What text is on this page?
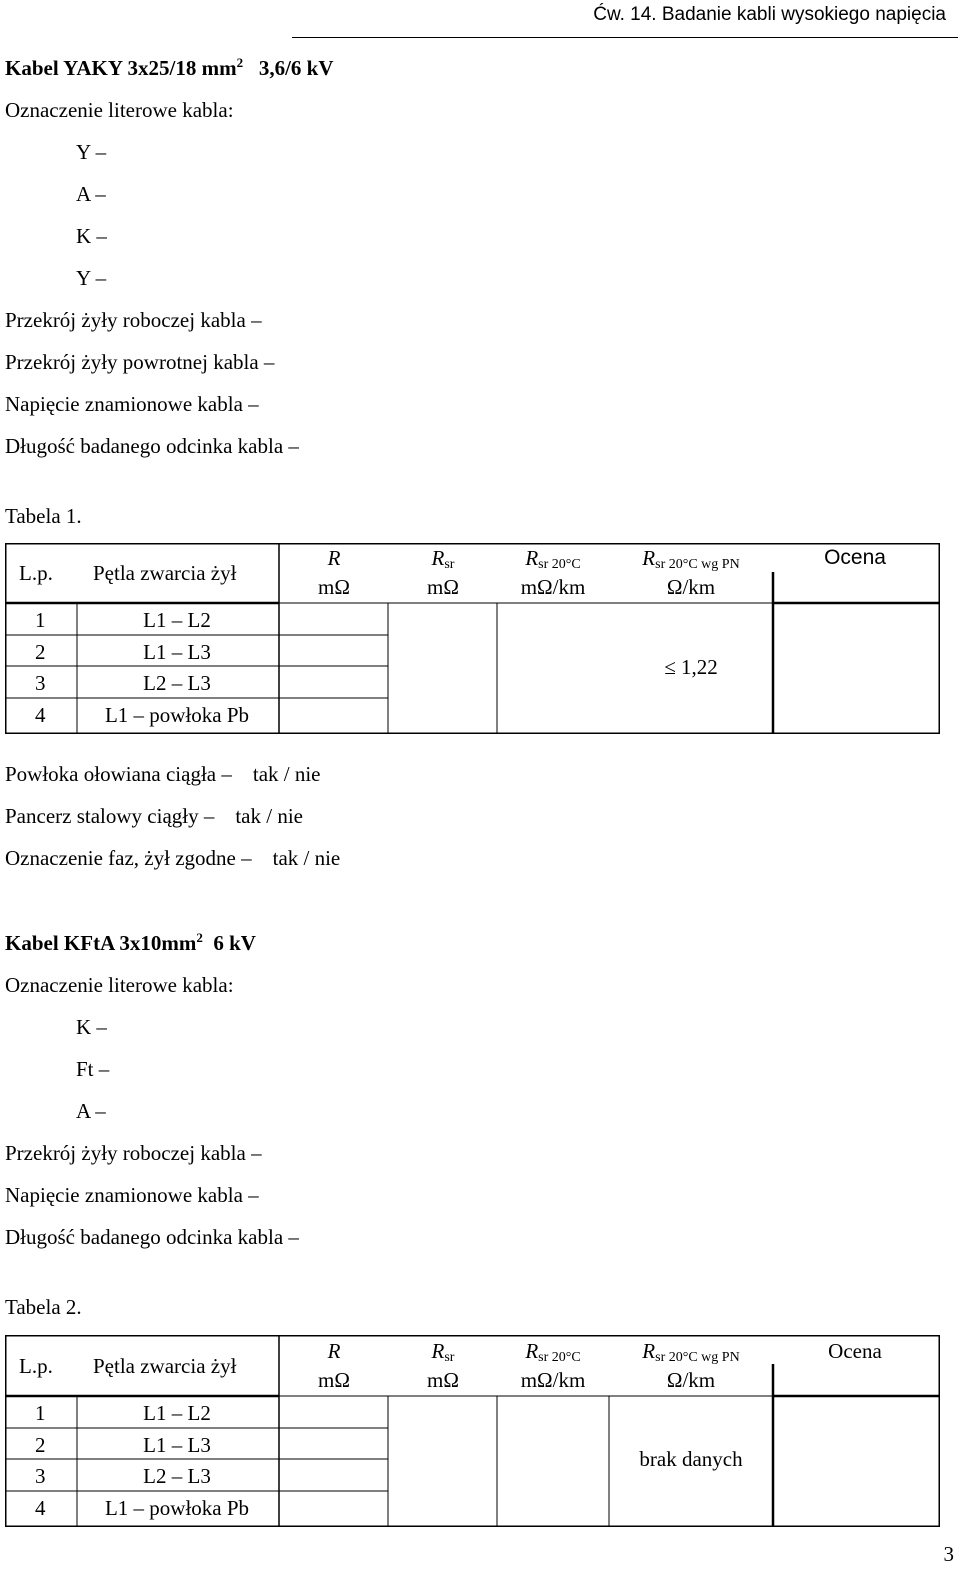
Ćw. 14. Badanie kabli wysokiego napięcia
Kabel YAKY 3x25/18 $mm^2$ 3,6/6 kV
Oznaczenie literowe kabla:
Y –
A –
K –
Y –
Przekrój żyły roboczej kabla –
Przekrój żyły powrotnej kabla –
Napięcie znamionowe kabla –
Długość badanego odcinka kabla –
Tabela 1.
L.p. Pętla zwarcia żył
R	$R_{sr}$	$R_{sr 20^\circ C}$	Rsr 20°C wg PN	Ocena
mΩ	mΩ	mΩ/km	Ω/km
1	L1 – L2
2	L1 – L3
3	L2 – L3
4	L1 – powłoka Pb
≤ 1,22
Powłoka ołowiana ciągła – tak / nie
Pancerz stalowy ciągły – tak / nie
Oznaczenie faz, żył zgodne – tak / nie
Kabel KFtA $3x10mm^2$ 6 kV
Oznaczenie literowe kabla:
K –
Ft –
A –
Przekrój żyły roboczej kabla –
Napięcie znamionowe kabla –
Długość badanego odcinka kabla –
Tabela 2.
L.p. Pętla zwarcia żył
R	$R_{sr}$	$R_{sr 20^\circ C}$	Rsr 20°C wg PN	Ocena
mΩ	mΩ	mΩ/km	Ω/km
1	L1 – L2
2	L1 – L3
3	L2 – L3
4	L1 – powłoka Pb
brak danych
3
